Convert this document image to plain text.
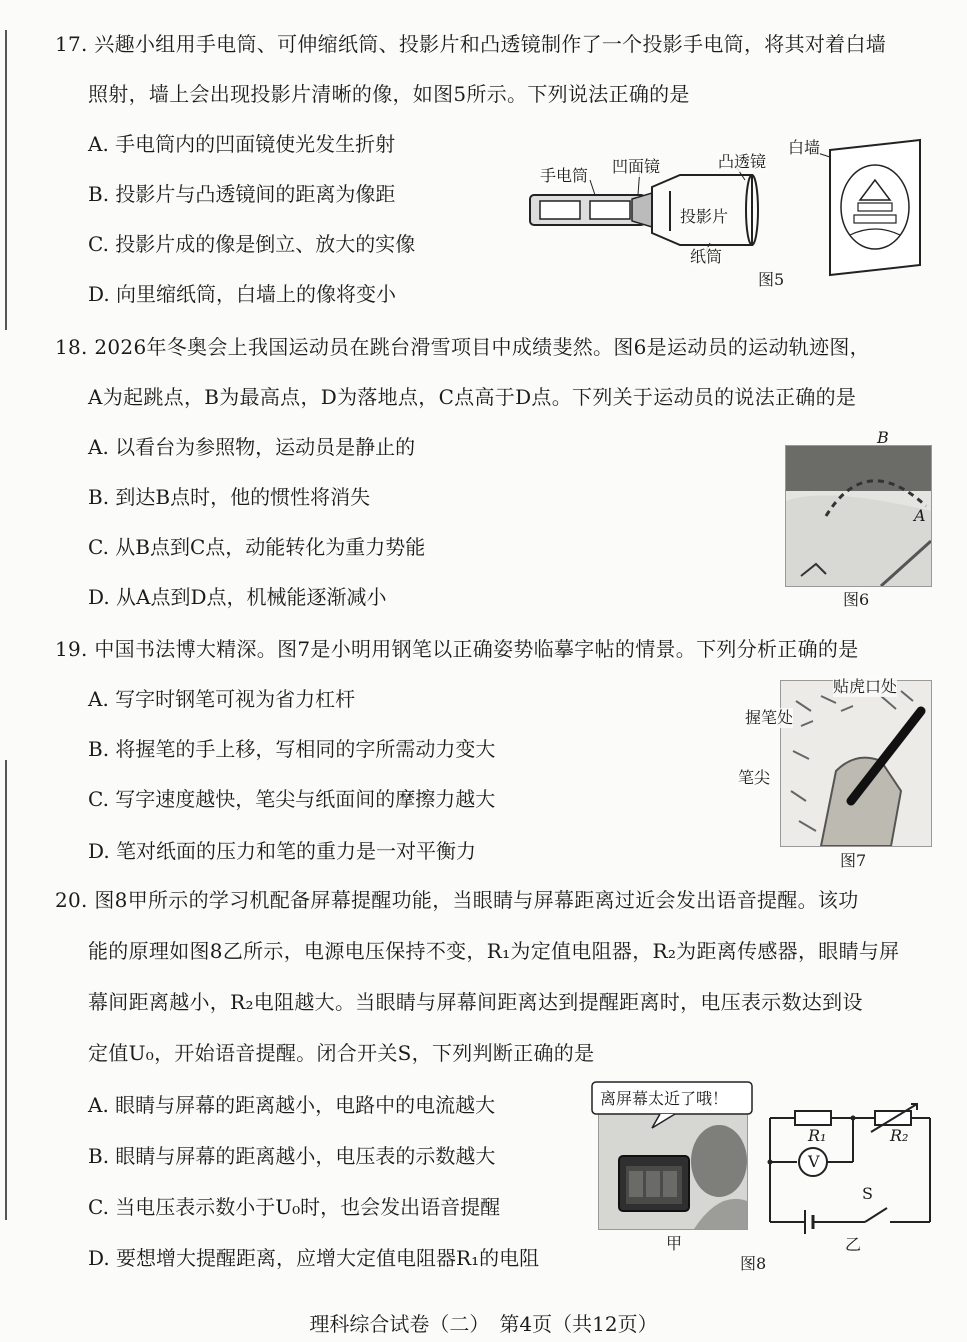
17. 兴趣小组用手电筒、可伸缩纸筒、投影片和凸透镜制作了一个投影手电筒，将其对着白墙
照射，墙上会出现投影片清晰的像，如图5所示。下列说法正确的是
A. 手电筒内的凹面镜使光发生折射
B. 投影片与凸透镜间的距离为像距
C. 投影片成的像是倒立、放大的实像
D. 向里缩纸筒，白墙上的像将变小
手电筒 凹面镜	凸透镜
白墙
投影片
纸筒
图5
18. 2026年冬奥会上我国运动员在跳台滑雪项目中成绩斐然。图6是运动员的运动轨迹图，
A为起跳点，B为最高点，D为落地点，C点高于D点。下列关于运动员的说法正确的是
A. 以看台为参照物，运动员是静止的
B. 到达B点时，他的惯性将消失
C. 从B点到C点，动能转化为重力势能
D. 从A点到D点，机械能逐渐减小
B
A
图6
19. 中国书法博大精深。图7是小明用钢笔以正确姿势临摹字帖的情景。下列分析正确的是
A. 写字时钢笔可视为省力杠杆
B. 将握笔的手上移，写相同的字所需动力变大
C. 写字速度越快，笔尖与纸面间的摩擦力越大
D. 笔对纸面的压力和笔的重力是一对平衡力
贴虎口处
握笔处
笔尖
图7
20. 图8甲所示的学习机配备屏幕提醒功能，当眼睛与屏幕距离过近会发出语音提醒。该功
能的原理如图8乙所示，电源电压保持不变，R₁为定值电阻器，R₂为距离传感器，眼睛与屏
幕间距离越小，R₂电阻越大。当眼睛与屏幕间距离达到提醒距离时，电压表示数达到设
定值U₀，开始语音提醒。闭合开关S，下列判断正确的是
A. 眼睛与屏幕的距离越小，电路中的电流越大
B. 眼睛与屏幕的距离越小，电压表的示数越大
C. 当电压表示数小于U₀时，也会发出语音提醒
D. 要想增大提醒距离，应增大定值电阻器R₁的电阻
离屏幕太近了哦！
甲
R₁	R₂
V
S
乙
图8
理科综合试卷（二）　第4页（共12页）
